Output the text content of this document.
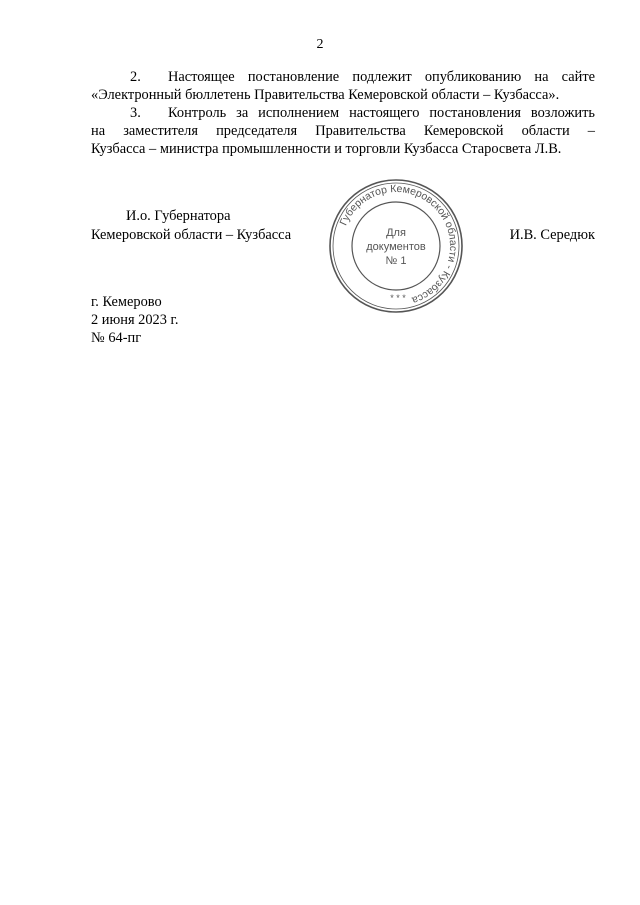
2
2. Настоящее постановление подлежит опубликованию на сайте
«Электронный бюллетень Правительства Кемеровской области – Кузбасса».
3. Контроль за исполнением настоящего постановления возложить
на заместителя председателя Правительства Кемеровской области –
Кузбасса – министра промышленности и торговли Кузбасса Старосвета Л.В.
И.о. Губернатора
Кемеровской области – Кузбасса	И.В. Середюк
Губернатор Кемеровской области - Кузбасса
Для
документов
№ 1
* * *
г. Кемерово
2 июня 2023 г.
№ 64-пг
